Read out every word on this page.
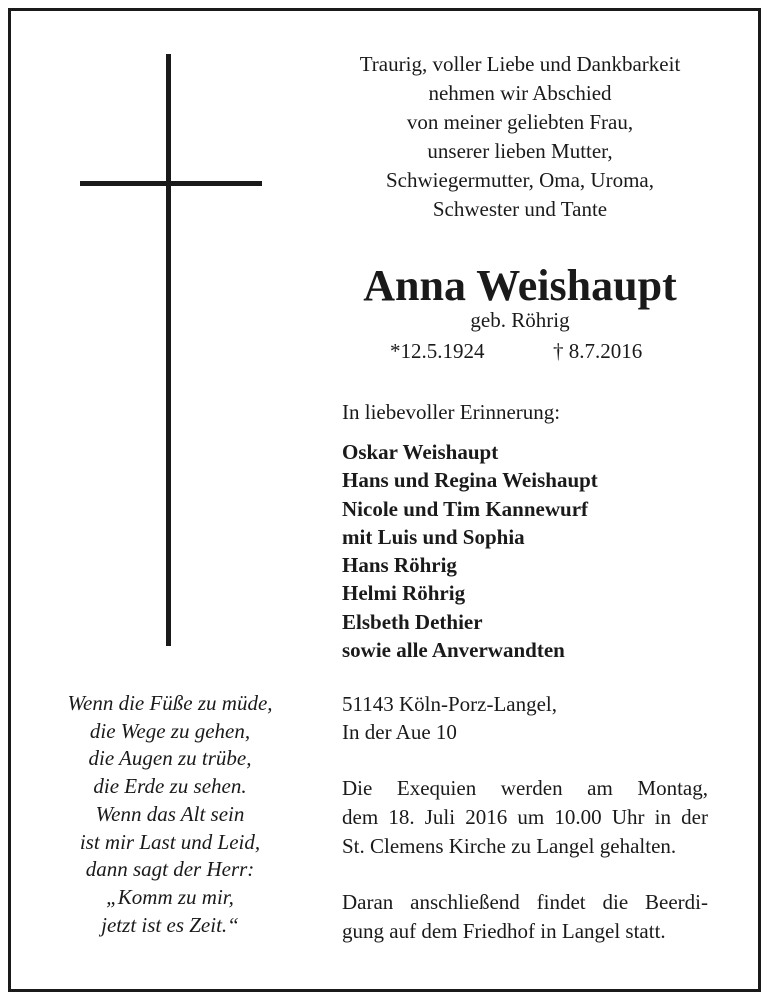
Traurig, voller Liebe und Dankbarkeit
nehmen wir Abschied
von meiner geliebten Frau,
unserer lieben Mutter,
Schwiegermutter, Oma, Uroma,
Schwester und Tante
Anna Weishaupt
geb. Röhrig
*12.5.1924	† 8.7.2016
In liebevoller Erinnerung:
Oskar Weishaupt
Hans und Regina Weishaupt
Nicole und Tim Kannewurf
mit Luis und Sophia
Hans Röhrig
Helmi Röhrig
Elsbeth Dethier
sowie alle Anverwandten
51143 Köln-Porz-Langel,
In der Aue 10
Die Exequien werden am Montag,
dem 18. Juli 2016 um 10.00 Uhr in der
St. Clemens Kirche zu Langel gehalten.
Daran anschließend findet die Beerdi-
gung auf dem Friedhof in Langel statt.
Wenn die Füße zu müde,
die Wege zu gehen,
die Augen zu trübe,
die Erde zu sehen.
Wenn das Alt sein
ist mir Last und Leid,
dann sagt der Herr:
„Komm zu mir,
jetzt ist es Zeit.“
